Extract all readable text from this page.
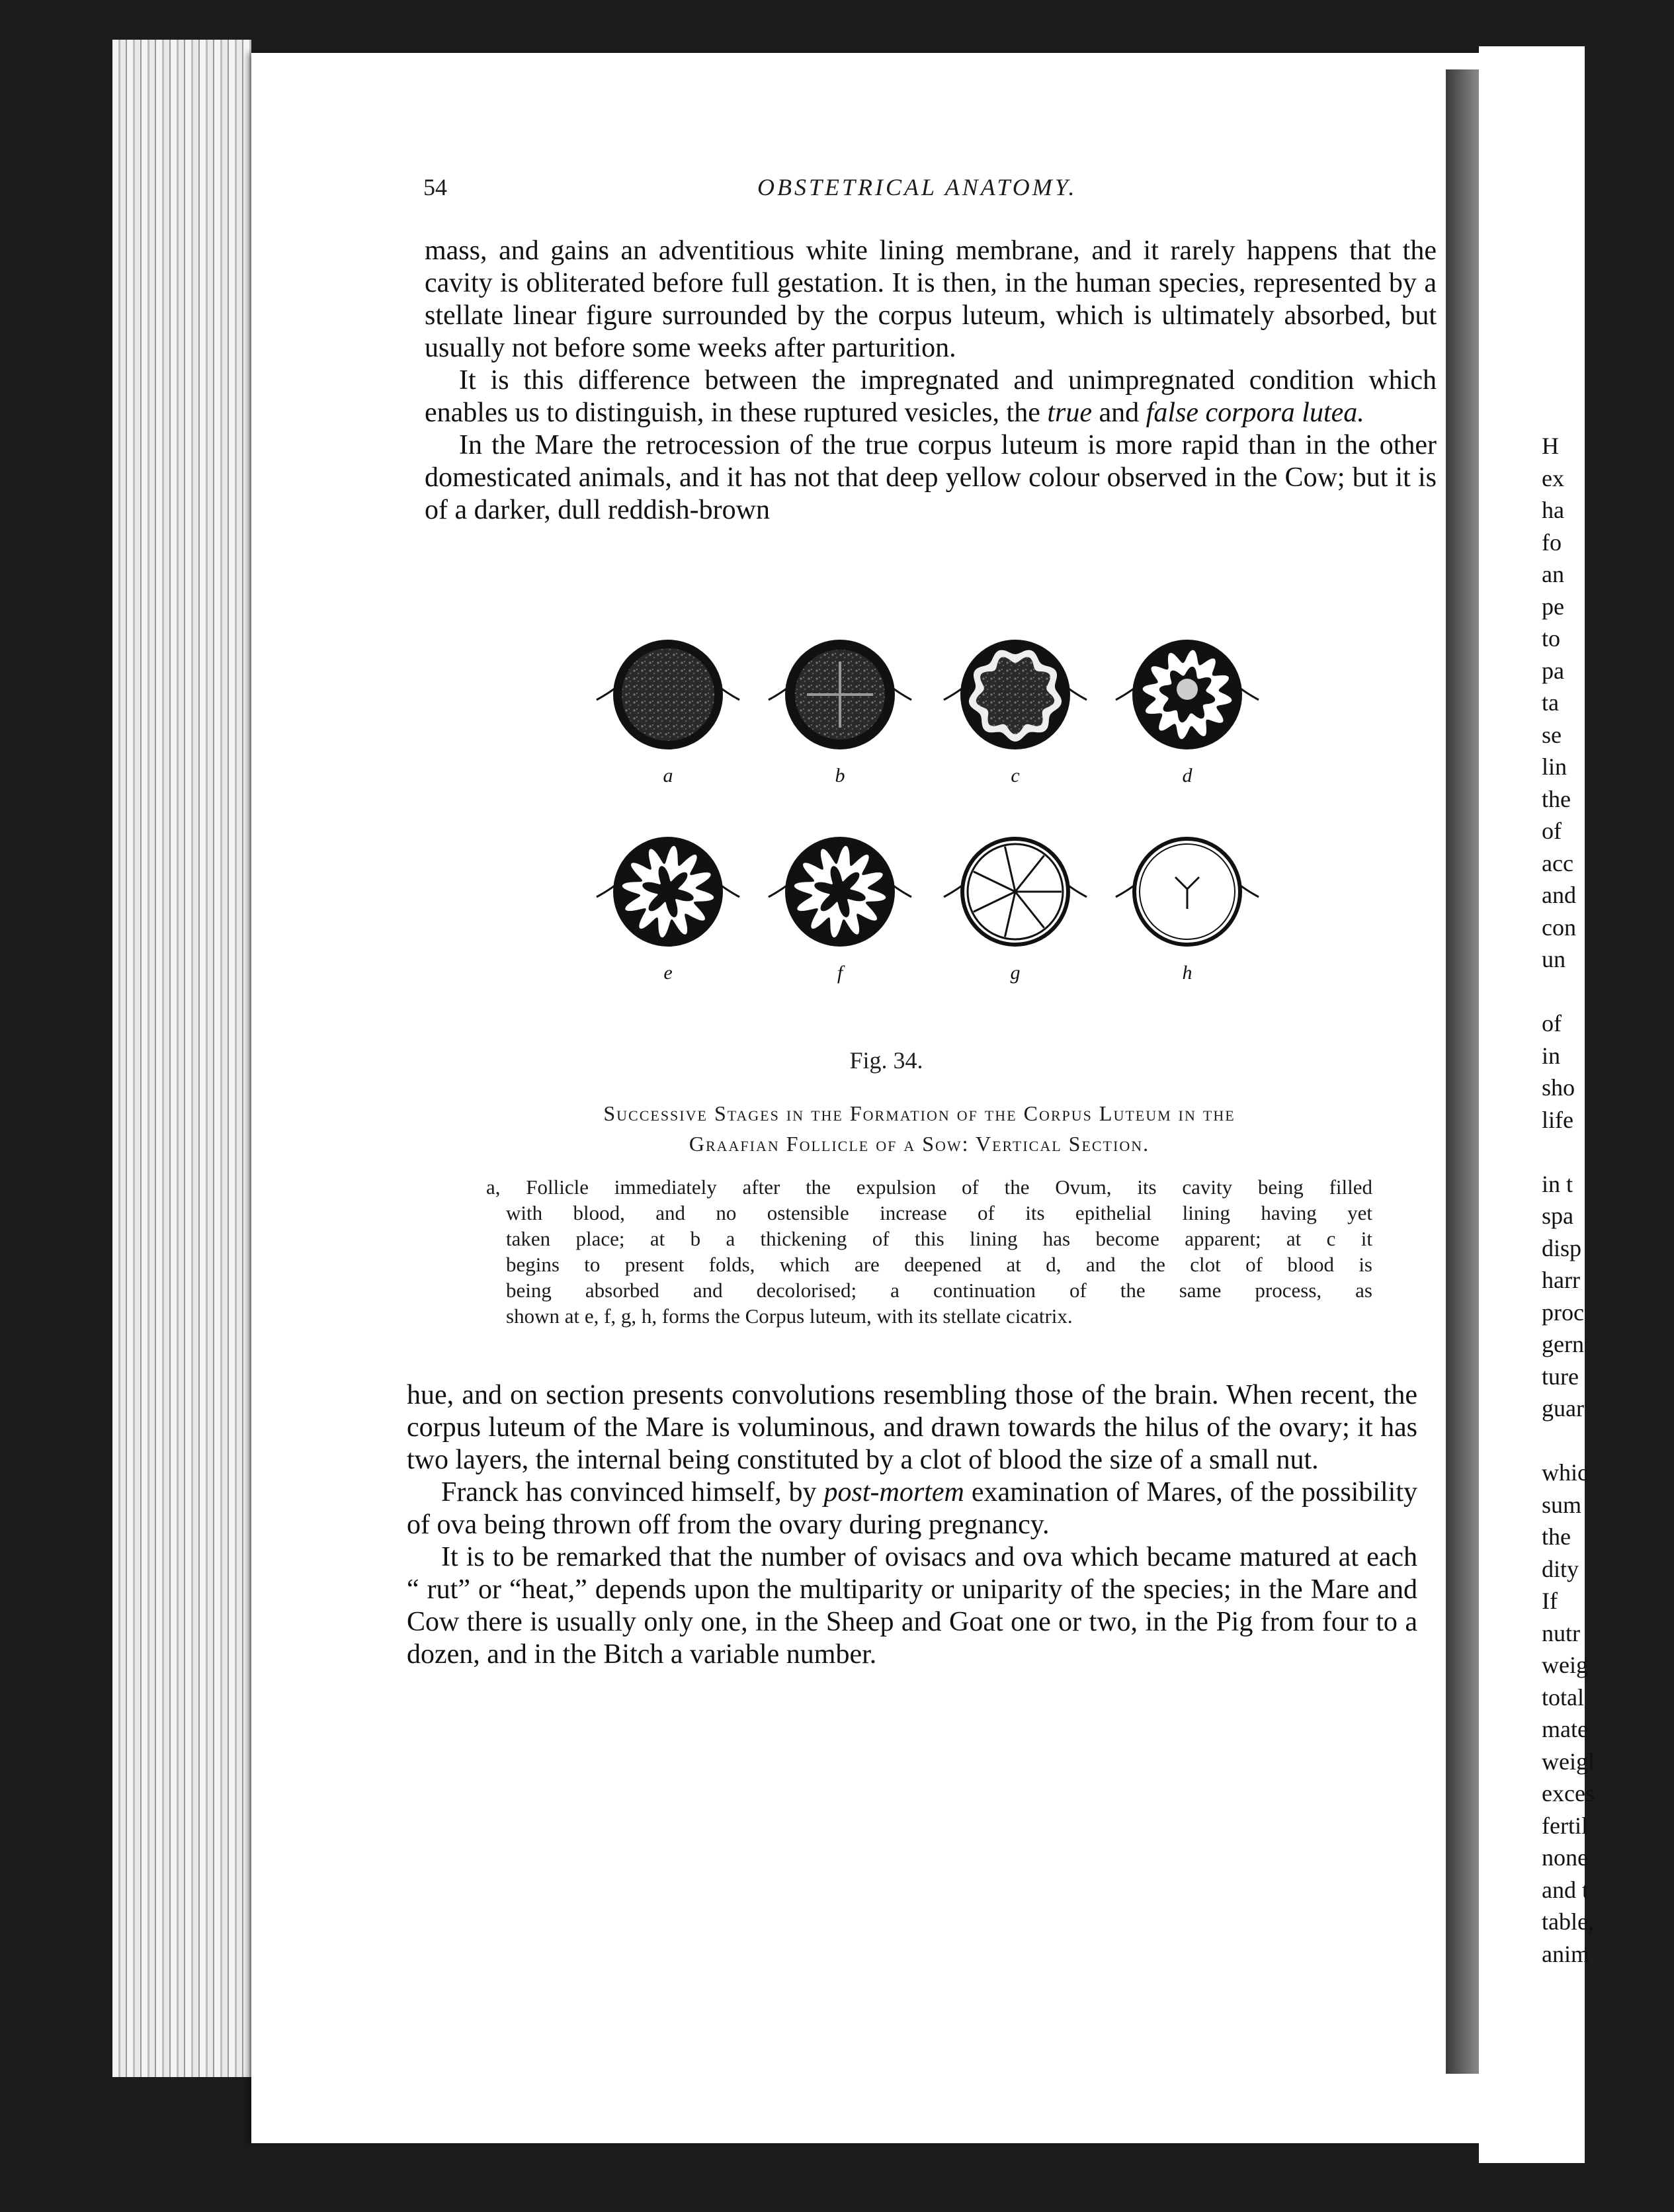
H
ex
ha
fo
an
pe
to
pa
ta
se
lin
the
of
acc
and
con
un
of
in
sho
life
in t
spa
disp
harr
proc
gern
ture
guar
whic
sum
the
dity
If
nutr
weig
total
mate
weigl
exces
fertil
none
and t
table,
anim
54	OBSTETRICAL ANATOMY.

mass, and gains an adventitious white lining membrane, and it rarely happens that the cavity is obliterated before full gestation. It is then, in the human species, represented by a stellate linear figure surrounded by the corpus luteum, which is ultimately absorbed, but usually not before some weeks after parturition.

It is this difference between the impregnated and unimpregnated condition which enables us to distinguish, in these ruptured vesicles, the true and false corpora lutea.

In the Mare the retrocession of the true corpus luteum is more rapid than in the other domesticated animals, and it has not that deep yellow colour observed in the Cow; but it is of a darker, dull reddish-brown

a	b	c	d
e	f	g	h
Fig. 34.
Successive Stages in the Formation of the Corpus Luteum in the
Graafian Follicle of a Sow: Vertical Section.
a, Follicle immediately after the expulsion of the Ovum, its cavity being filled
with blood, and no ostensible increase of its epithelial lining having yet
taken place; at b a thickening of this lining has become apparent; at c it
begins to present folds, which are deepened at d, and the clot of blood is
being absorbed and decolorised; a continuation of the same process, as
shown at e, f, g, h, forms the Corpus luteum, with its stellate cicatrix.

hue, and on section presents convolutions resembling those of the brain. When recent, the corpus luteum of the Mare is voluminous, and drawn towards the hilus of the ovary; it has two layers, the internal being constituted by a clot of blood the size of a small nut.

Franck has convinced himself, by post-mortem examination of Mares, of the possibility of ova being thrown off from the ovary during pregnancy.

It is to be remarked that the number of ovisacs and ova which became matured at each “ rut” or “heat,” depends upon the multiparity or uniparity of the species; in the Mare and Cow there is usually only one, in the Sheep and Goat one or two, in the Pig from four to a dozen, and in the Bitch a variable number.
